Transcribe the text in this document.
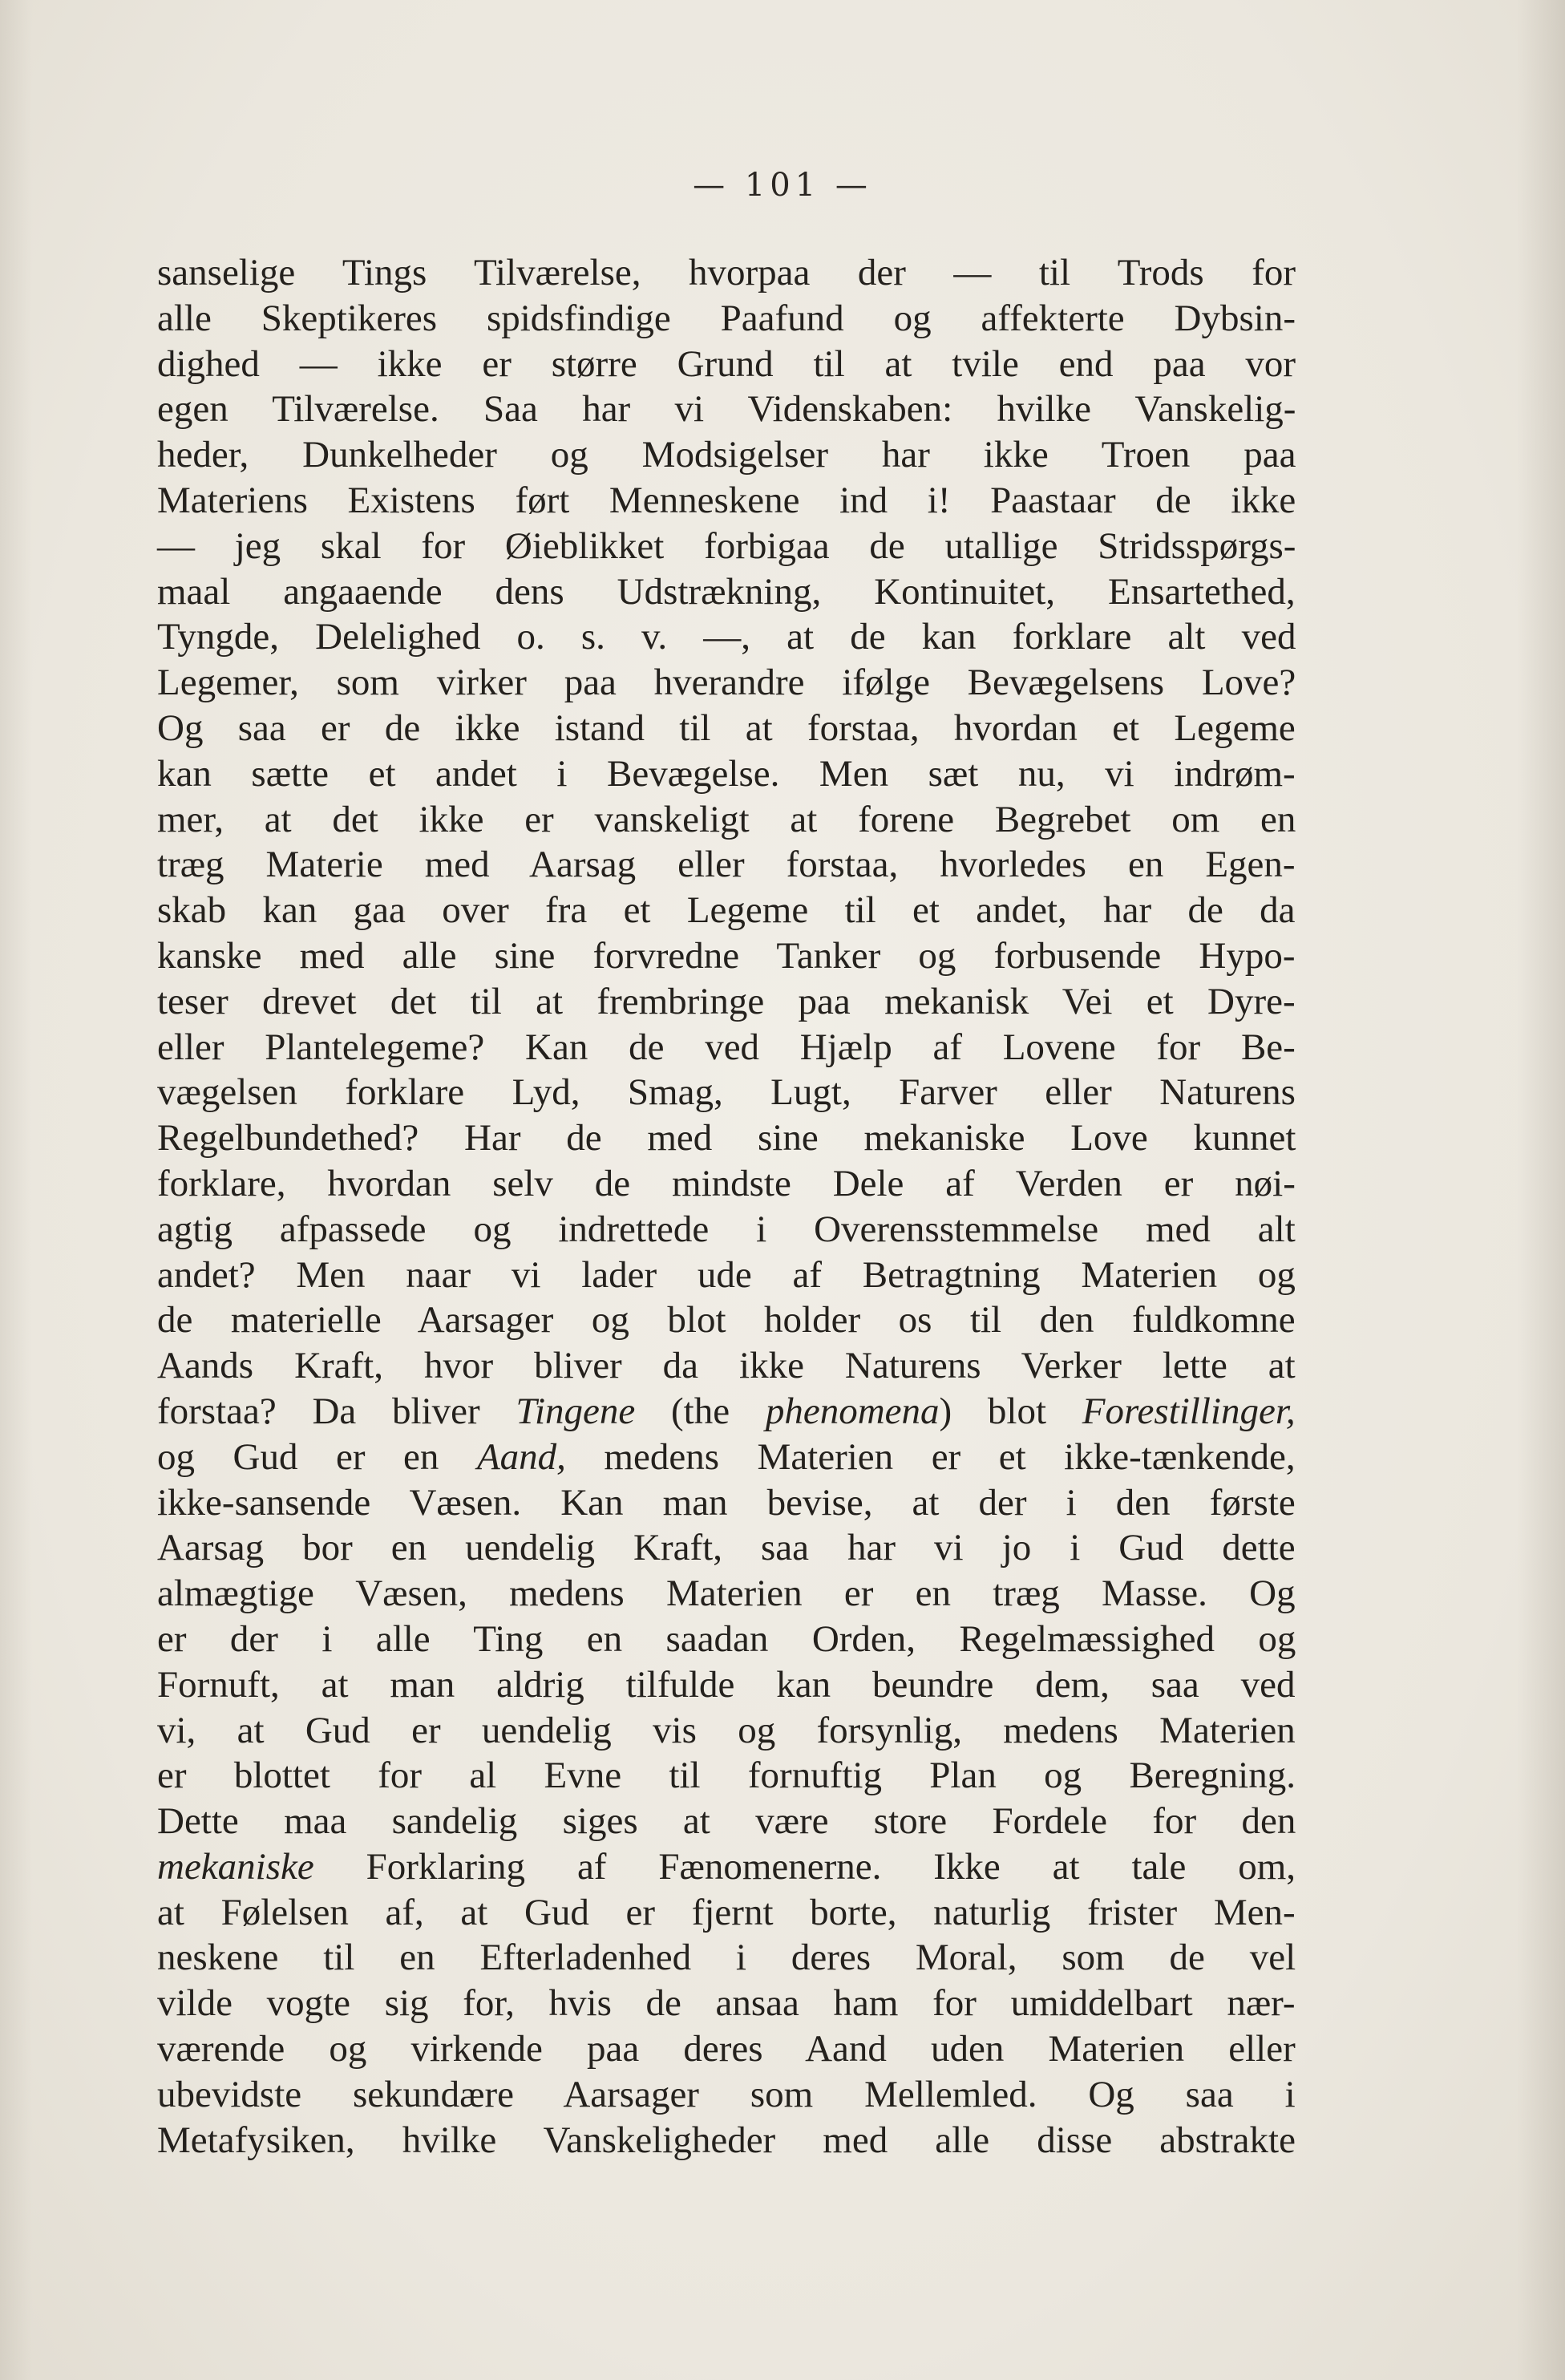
— 101 —
sanselige Tings Tilværelse, hvorpaa der — til Trods for
alle Skeptikeres spidsfindige Paafund og affekterte Dybsin-
dighed — ikke er større Grund til at tvile end paa vor
egen Tilværelse. Saa har vi Videnskaben: hvilke Vanskelig-
heder, Dunkelheder og Modsigelser har ikke Troen paa
Materiens Existens ført Menneskene ind i! Paastaar de ikke
— jeg skal for Øieblikket forbigaa de utallige Stridsspørgs-
maal angaaende dens Udstrækning, Kontinuitet, Ensartethed,
Tyngde, Delelighed o. s. v. —, at de kan forklare alt ved
Legemer, som virker paa hverandre ifølge Bevægelsens Love?
Og saa er de ikke istand til at forstaa, hvordan et Legeme
kan sætte et andet i Bevægelse. Men sæt nu, vi indrøm-
mer, at det ikke er vanskeligt at forene Begrebet om en
træg Materie med Aarsag eller forstaa, hvorledes en Egen-
skab kan gaa over fra et Legeme til et andet, har de da
kanske med alle sine forvredne Tanker og forbusende Hypo-
teser drevet det til at frembringe paa mekanisk Vei et Dyre-
eller Plantelegeme? Kan de ved Hjælp af Lovene for Be-
vægelsen forklare Lyd, Smag, Lugt, Farver eller Naturens
Regelbundethed? Har de med sine mekaniske Love kunnet
forklare, hvordan selv de mindste Dele af Verden er nøi-
agtig afpassede og indrettede i Overensstemmelse med alt
andet? Men naar vi lader ude af Betragtning Materien og
de materielle Aarsager og blot holder os til den fuldkomne
Aands Kraft, hvor bliver da ikke Naturens Verker lette at
forstaa? Da bliver Tingene (the phenomena) blot Forestillinger,
og Gud er en Aand, medens Materien er et ikke-tænkende,
ikke-sansende Væsen. Kan man bevise, at der i den første
Aarsag bor en uendelig Kraft, saa har vi jo i Gud dette
almægtige Væsen, medens Materien er en træg Masse. Og
er der i alle Ting en saadan Orden, Regelmæssighed og
Fornuft, at man aldrig tilfulde kan beundre dem, saa ved
vi, at Gud er uendelig vis og forsynlig, medens Materien
er blottet for al Evne til fornuftig Plan og Beregning.
Dette maa sandelig siges at være store Fordele for den
mekaniske Forklaring af Fænomenerne. Ikke at tale om,
at Følelsen af, at Gud er fjernt borte, naturlig frister Men-
neskene til en Efterladenhed i deres Moral, som de vel
vilde vogte sig for, hvis de ansaa ham for umiddelbart nær-
værende og virkende paa deres Aand uden Materien eller
ubevidste sekundære Aarsager som Mellemled. Og saa i
Metafysiken, hvilke Vanskeligheder med alle disse abstrakte
